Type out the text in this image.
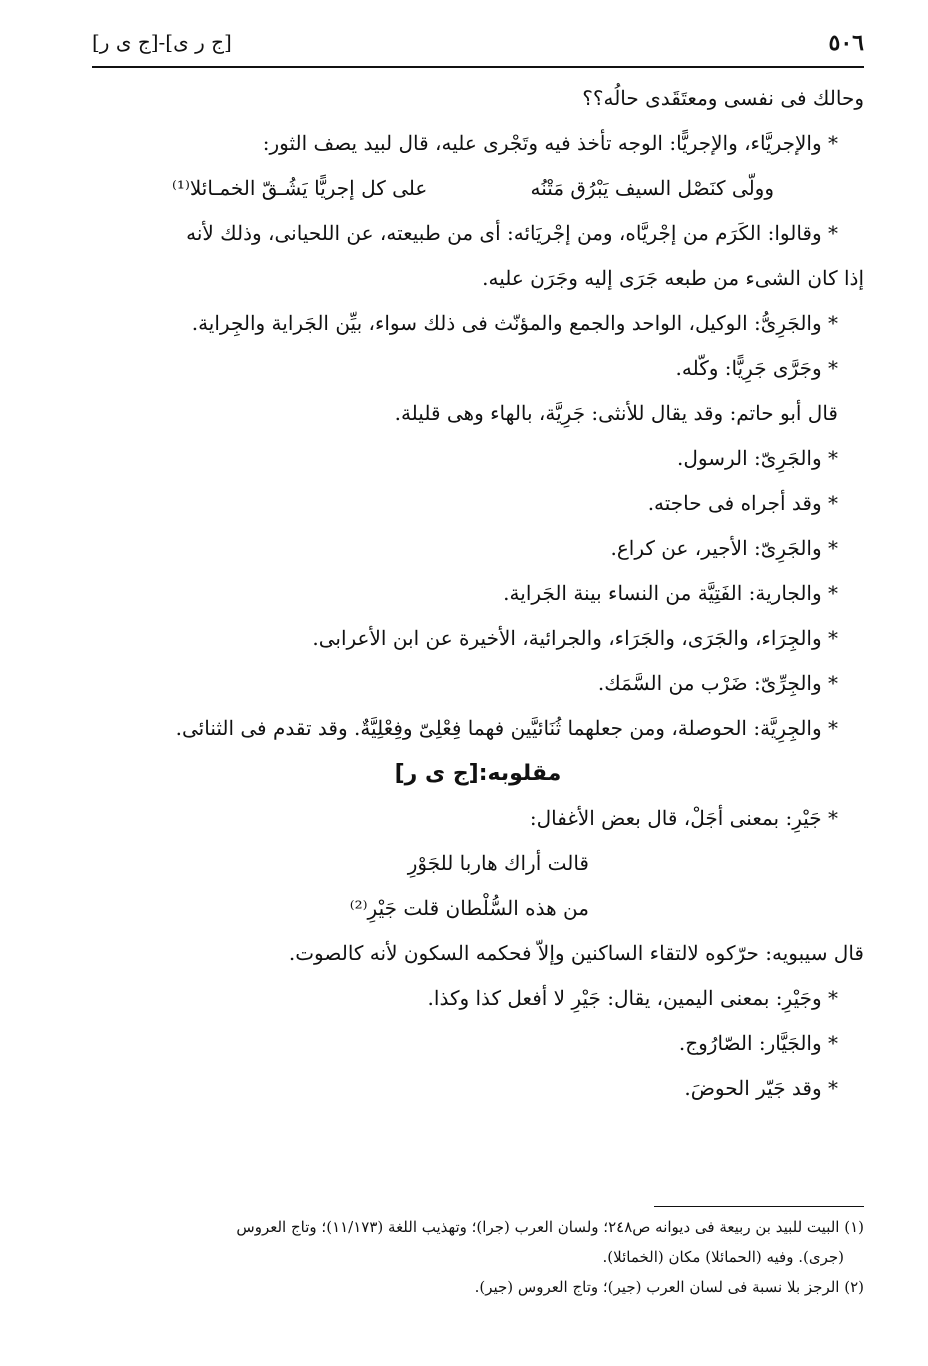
٥٠٦
[ج ر ى]-[ج ى ر]

وحالك فى نفسى ومعتَقَدى حالُه؟؟

* والإجريَّاء، والإجريًّا: الوجه تأخذ فيه وتَجْرى عليه، قال لبيد يصف الثور:

وولّى كنَصْل السيف يَبْرُق مَتْنُه
على كل إجريًّا يَشُـقّ الخمـائلا⁽¹⁾

* وقالوا: الكَرَم من إجْريَّاه، ومن إجْريَائه: أى من طبيعته، عن اللحيانى، وذلك لأنه

إذا كان الشىء من طبعه جَرَى إليه وجَرَن عليه.

* والجَرِىُّ: الوكيل، الواحد والجمع والمؤنّث فى ذلك سواء، بيِّن الجَراية والجِراية.

* وجَرَّى جَرِيًّا: وكّله.

قال أبو حاتم: وقد يقال للأنثى: جَرِيَّة، بالهاء وهى قليلة.

* والجَرِىّ: الرسول.

* وقد أجراه فى حاجته.

* والجَرِىّ: الأجير، عن كراع.

* والجارية: الفَتِيَّة من النساء بينة الجَراية.

* والجِرَاء، والجَرَى، والجَرَاء، والجرائية، الأخيرة عن ابن الأعرابى.

* والجِرِّىّ: ضَرْب من السَّمَك.

* والجِرِيَّة: الحوصلة، ومن جعلهما ثُنَائيَّين فهما فِعْلِىّ وفِعْلِيَّةٌ. وقد تقدم فى الثنائى.

مقلوبه:[ج ى ر]

* جَيْرِ: بمعنى أجَلْ، قال بعض الأغفال:

قالت أراك هاربا للجَوْرِ

من هذه السُّلْطان قلت جَيْرِ⁽²⁾

قال سيبويه: حرّكوه لالتقاء الساكنين وإلاّ فحكمه السكون لأنه كالصوت.

* وجَيْرِ: بمعنى اليمين، يقال: جَيْرِ لا أفعل كذا وكذا.

* والجَيَّار: الصّارُوج.

* وقد جَيّر الحوضَ.

(١) البيت للبيد بن ربيعة فى ديوانه ص٢٤٨؛ ولسان العرب (جرا)؛ وتهذيب اللغة (١١/١٧٣)؛ وتاج العروس

(جرى). وفيه (الحمائلا) مكان (الخمائلا).

(٢) الرجز بلا نسبة فى لسان العرب (جير)؛ وتاج العروس (جير).
